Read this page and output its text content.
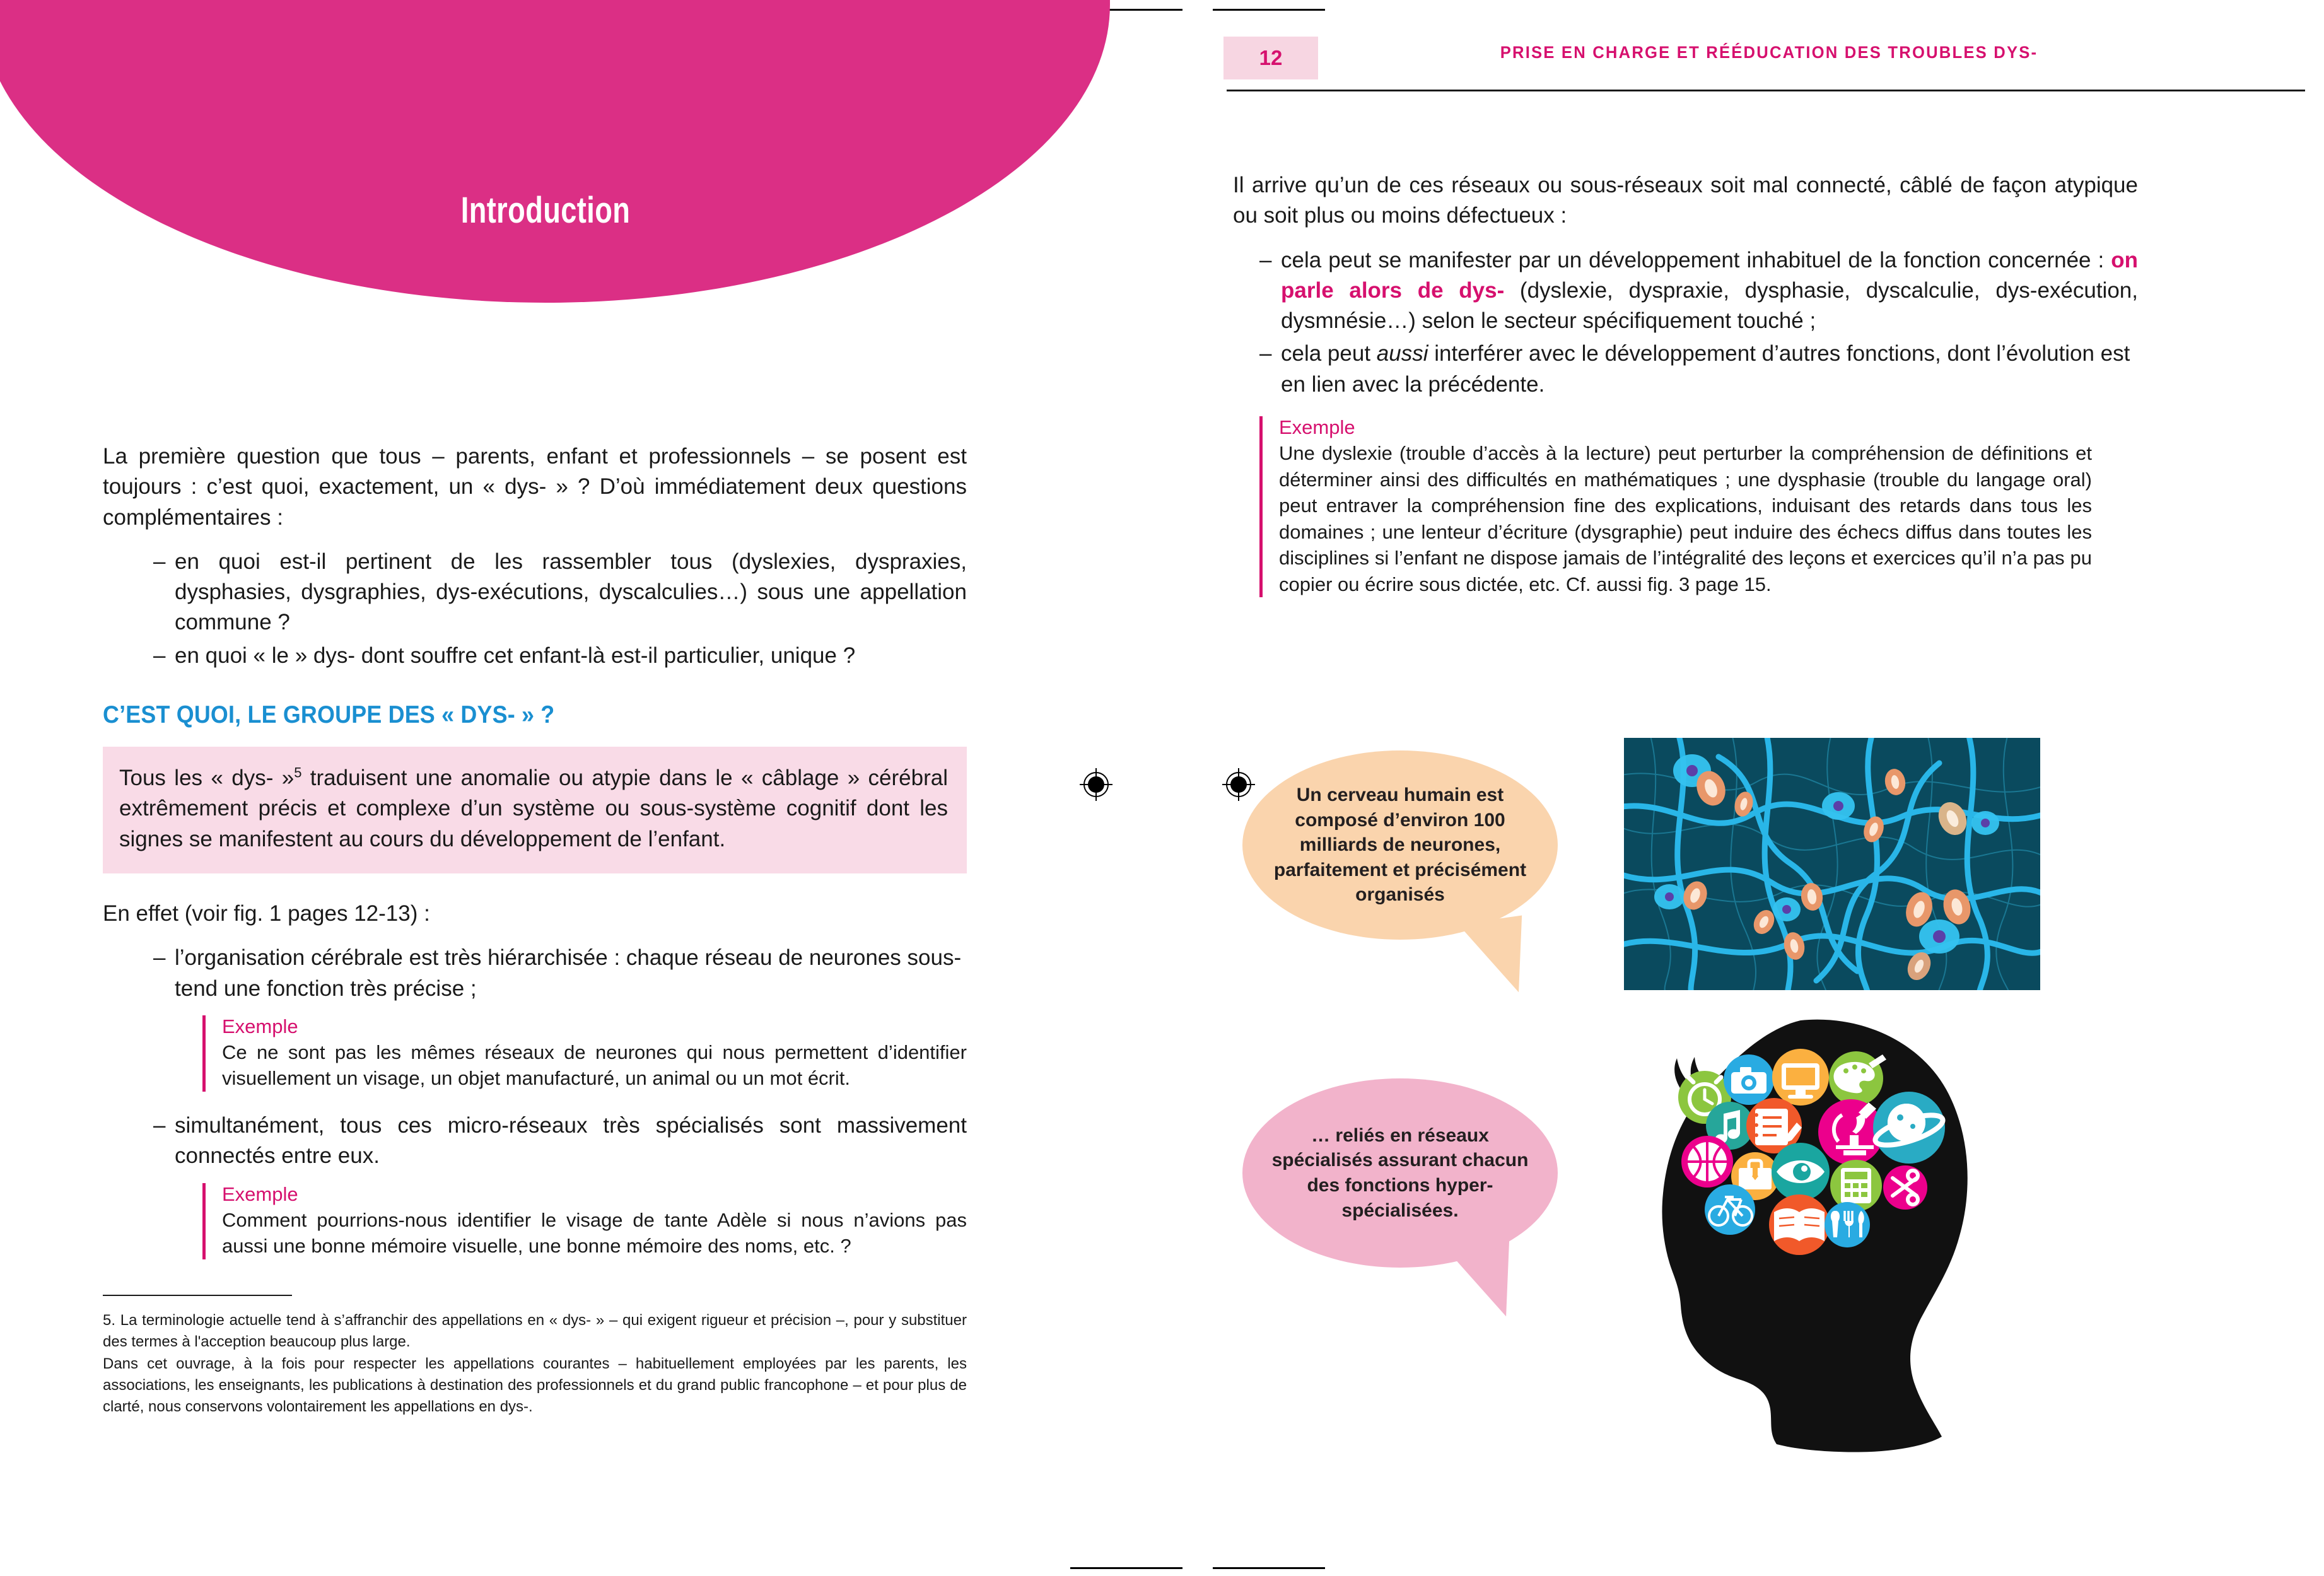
Introduction
La première question que tous – parents, enfant et professionnels – se posent est toujours : c’est quoi, exactement, un « dys- » ? D’où immédiatement deux questions complémentaires :
– en quoi est-il pertinent de les rassembler tous (dyslexies, dyspraxies, dysphasies, dysgraphies, dys-exécutions, dyscalculies…) sous une appellation commune ?
– en quoi « le » dys- dont souffre cet enfant-là est-il particulier, unique ?
C’EST QUOI, LE GROUPE DES « DYS- » ?

Tous les « dys- »$^5$ traduisent une anomalie ou atypie dans le « câblage » cérébral extrêmement précis et complexe d’un système ou sous-système cognitif dont les signes se manifestent au cours du développement de l’enfant.

En effet (voir fig. 1 pages 12-13) :
– l’organisation cérébrale est très hiérarchisée : chaque réseau de neurones sous-tend une fonction très précise ;
Exemple
Ce ne sont pas les mêmes réseaux de neurones qui nous permettent d’identifier visuellement un visage, un objet manufacturé, un animal ou un mot écrit.
– simultanément, tous ces micro-réseaux très spécialisés sont massivement connectés entre eux.
Exemple
Comment pourrions-nous identifier le visage de tante Adèle si nous n’avions pas aussi une bonne mémoire visuelle, une bonne mémoire des noms, etc. ?

5. La terminologie actuelle tend à s’affranchir des appellations en « dys- » – qui exigent rigueur et précision –, pour y substituer des termes à l'acception beaucoup plus large.

Dans cet ouvrage, à la fois pour respecter les appellations courantes – habituellement employées par les parents, les associations, les enseignants, les publications à destination des professionnels et du grand public francophone – et pour plus de clarté, nous conservons volontairement les appellations en dys-.

12	PRISE EN CHARGE ET RÉÉDUCATION DES TROUBLES DYS-
Il arrive qu’un de ces réseaux ou sous-réseaux soit mal connecté, câblé de façon atypique ou soit plus ou moins défectueux :
– cela peut se manifester par un développement inhabituel de la fonction concernée : on parle alors de dys- (dyslexie, dyspraxie, dysphasie, dyscalculie, dys-exécution, dysmnésie…) selon le secteur spécifiquement touché ;
– cela peut aussi interférer avec le développement d’autres fonctions, dont l’évolution est en lien avec la précédente.
Exemple
Une dyslexie (trouble d’accès à la lecture) peut perturber la compréhension de définitions et déterminer ainsi des difficultés en mathématiques ; une dysphasie (trouble du langage oral) peut entraver la compréhension fine des explications, induisant des retards dans tous les domaines ; une lenteur d’écriture (dysgraphie) peut induire des échecs diffus dans toutes les disciplines si l’enfant ne dispose jamais de l’intégralité des leçons et exercices qu’il n’a pas pu copier ou écrire sous dictée, etc. Cf. aussi fig. 3 page 15.
Un cerveau humain est composé d’environ 100 milliards de neurones, parfaitement et précisément organisés
… reliés en réseaux spécialisés assurant chacun des fonctions hyper-spécialisées.
